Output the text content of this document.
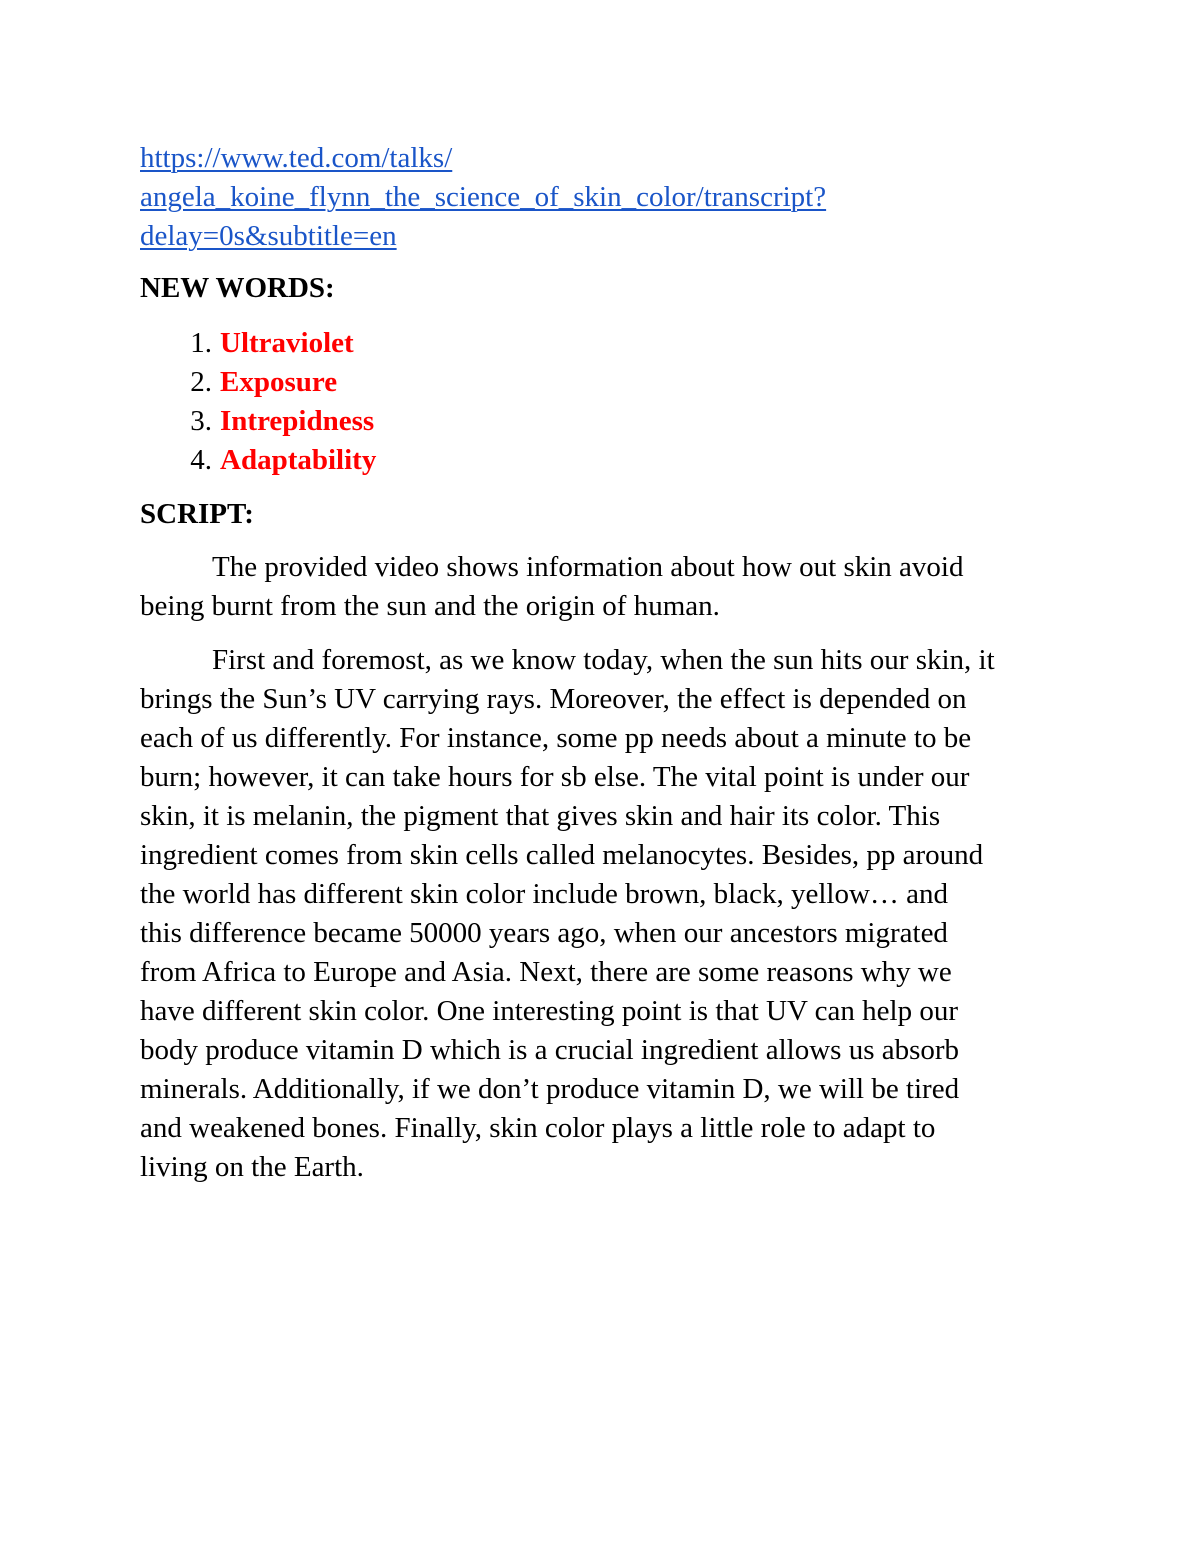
https://www.ted.com/talks/
angela_koine_flynn_the_science_of_skin_color/transcript?
delay=0s&subtitle=en

NEW WORDS:

1. Ultraviolet
2. Exposure
3. Intrepidness
4. Adaptability

SCRIPT:

The provided video shows information about how out skin avoid
being burnt from the sun and the origin of human.
First and foremost, as we know today, when the sun hits our skin, it
brings the Sun’s UV carrying rays. Moreover, the effect is depended on
each of us differently. For instance, some pp needs about a minute to be
burn; however, it can take hours for sb else. The vital point is under our
skin, it is melanin, the pigment that gives skin and hair its color. This
ingredient comes from skin cells called melanocytes. Besides, pp around
the world has different skin color include brown, black, yellow… and
this difference became 50000 years ago, when our ancestors migrated
from Africa to Europe and Asia. Next, there are some reasons why we
have different skin color. One interesting point is that UV can help our
body produce vitamin D which is a crucial ingredient allows us absorb
minerals. Additionally, if we don’t produce vitamin D, we will be tired
and weakened bones. Finally, skin color plays a little role to adapt to
living on the Earth.
